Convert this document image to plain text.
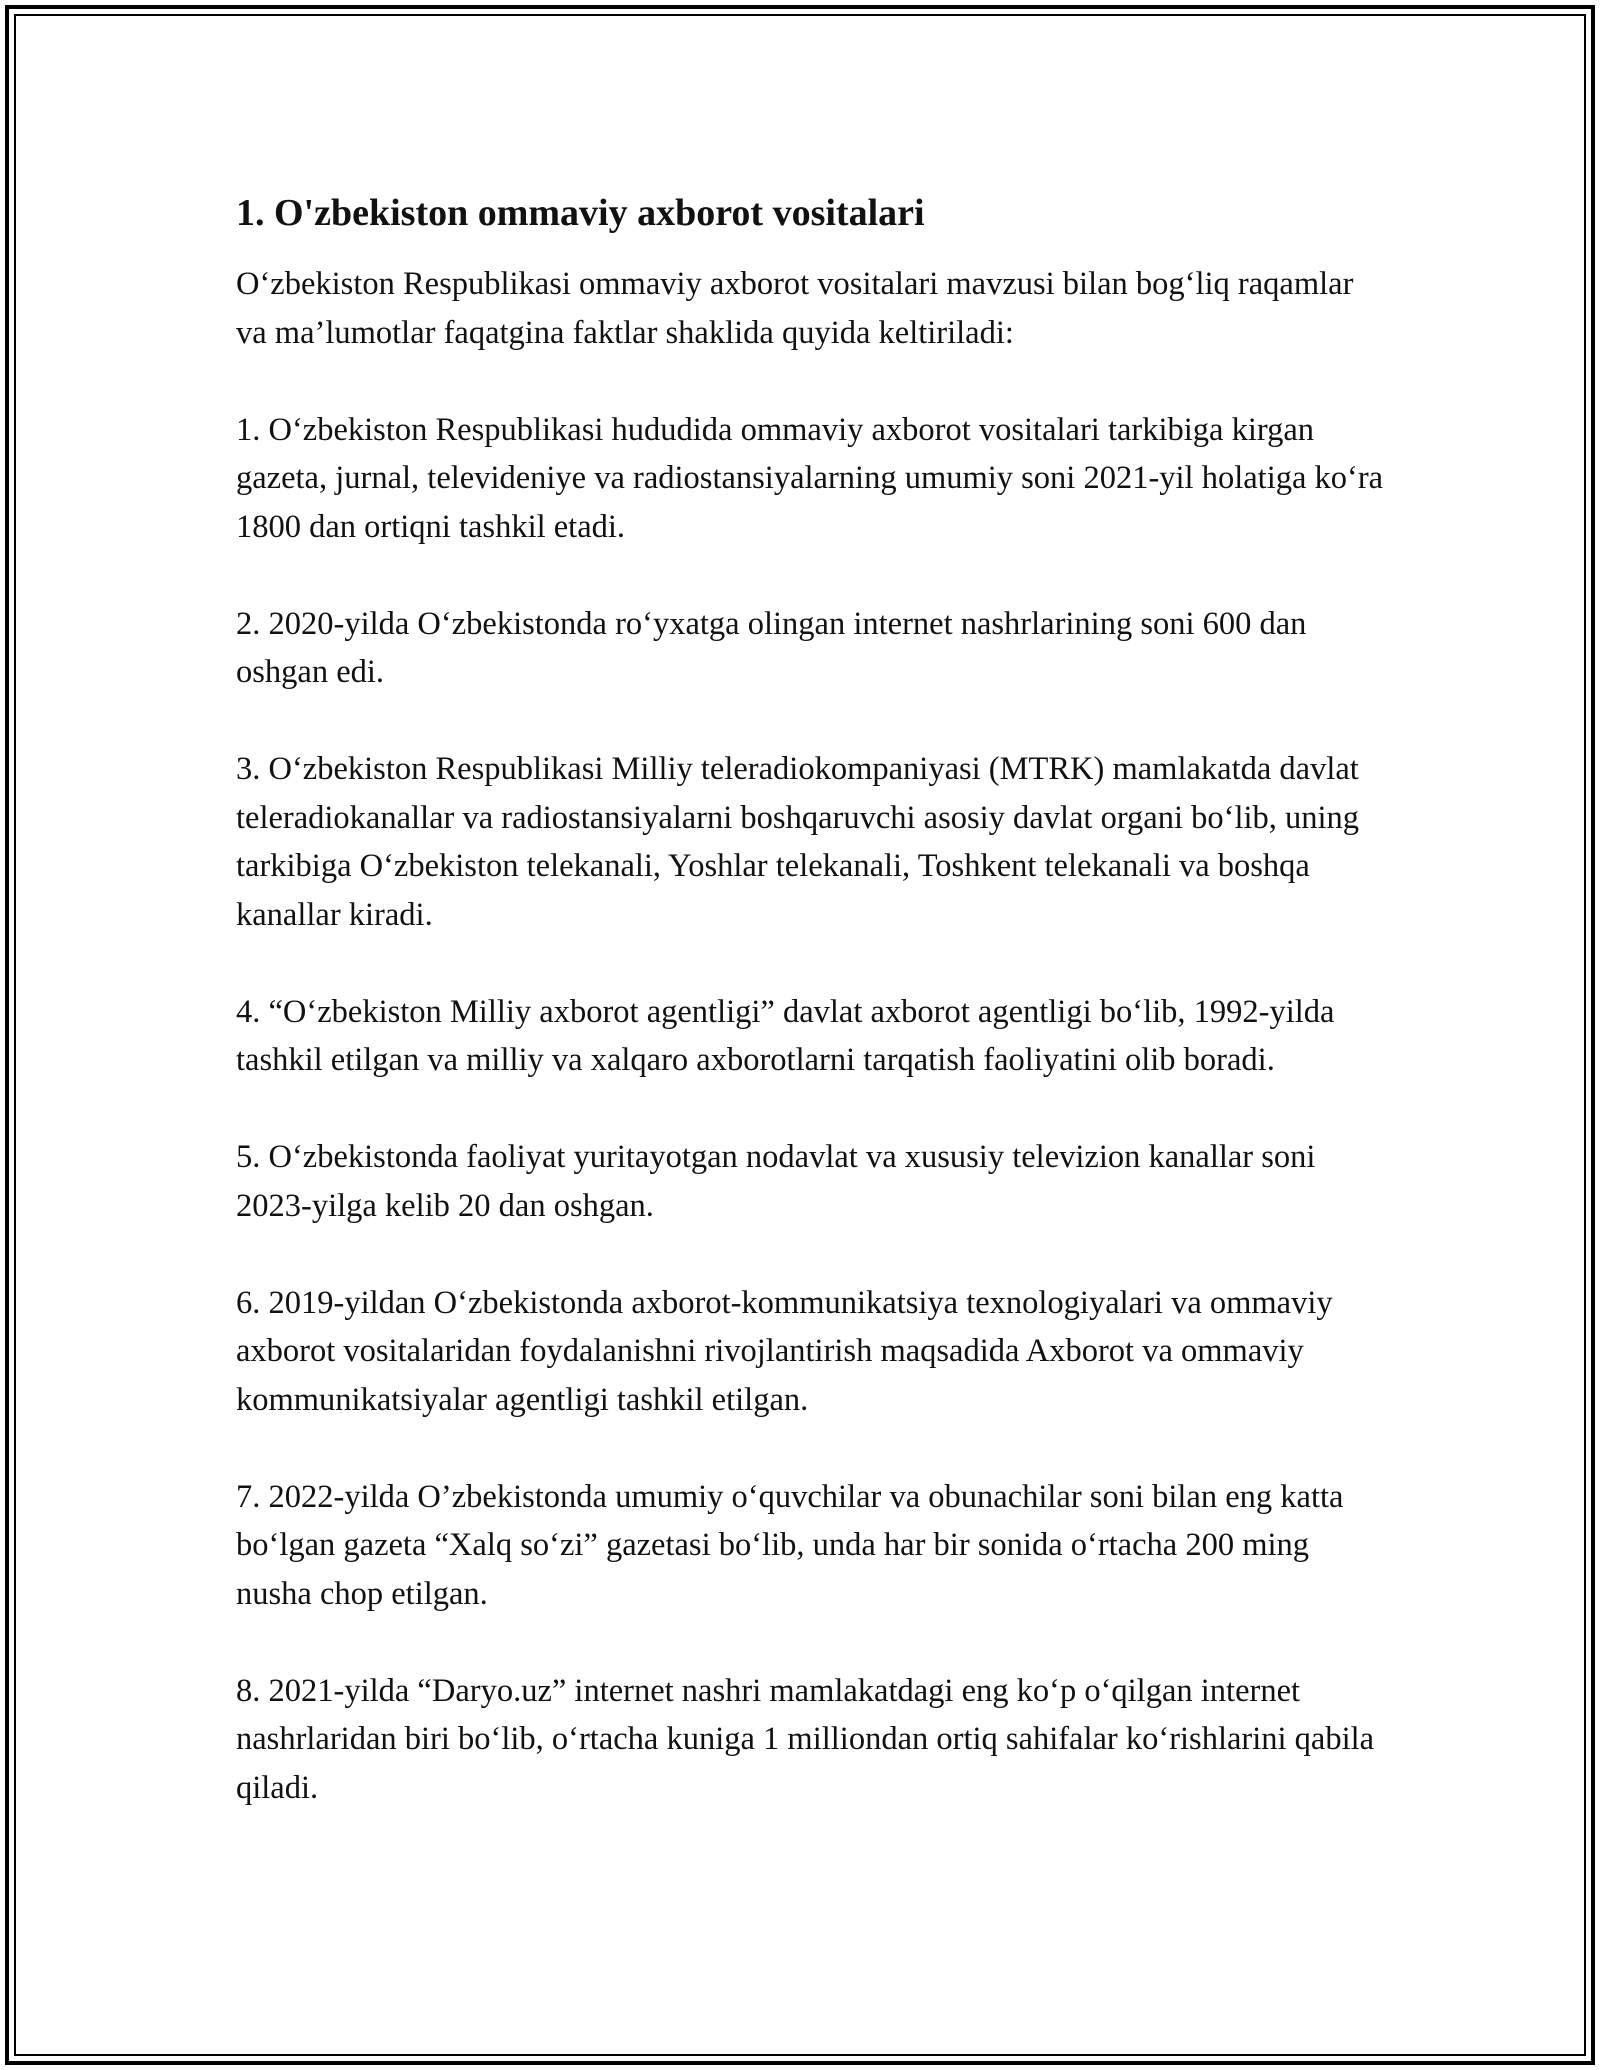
1. O'zbekiston ommaviy axborot vositalari

O‘zbekiston Respublikasi ommaviy axborot vositalari mavzusi bilan bog‘liq raqamlar va ma’lumotlar faqatgina faktlar shaklida quyida keltiriladi:

1. O‘zbekiston Respublikasi hududida ommaviy axborot vositalari tarkibiga kirgan gazeta, jurnal, televideniye va radiostansiyalarning umumiy soni 2021-yil holatiga ko‘ra 1800 dan ortiqni tashkil etadi.

2. 2020-yilda O‘zbekistonda ro‘yxatga olingan internet nashrlarining soni 600 dan oshgan edi.

3. O‘zbekiston Respublikasi Milliy teleradiokompaniyasi (MTRK) mamlakatda davlat teleradiokanallar va radiostansiyalarni boshqaruvchi asosiy davlat organi bo‘lib, uning tarkibiga O‘zbekiston telekanali, Yoshlar telekanali, Toshkent telekanali va boshqa kanallar kiradi.

4. “O‘zbekiston Milliy axborot agentligi” davlat axborot agentligi bo‘lib, 1992-yilda tashkil etilgan va milliy va xalqaro axborotlarni tarqatish faoliyatini olib boradi.

5. O‘zbekistonda faoliyat yuritayotgan nodavlat va xususiy televizion kanallar soni 2023-yilga kelib 20 dan oshgan.

6. 2019-yildan O‘zbekistonda axborot-kommunikatsiya texnologiyalari va ommaviy axborot vositalaridan foydalanishni rivojlantirish maqsadida Axborot va ommaviy kommunikatsiyalar agentligi tashkil etilgan.

7. 2022-yilda O’zbekistonda umumiy o‘quvchilar va obunachilar soni bilan eng katta bo‘lgan gazeta “Xalq so‘zi” gazetasi bo‘lib, unda har bir sonida o‘rtacha 200 ming nusha chop etilgan.

8. 2021-yilda “Daryo.uz” internet nashri mamlakatdagi eng ko‘p o‘qilgan internet nashrlaridan biri bo‘lib, o‘rtacha kuniga 1 milliondan ortiq sahifalar ko‘rishlarini qabila qiladi.
